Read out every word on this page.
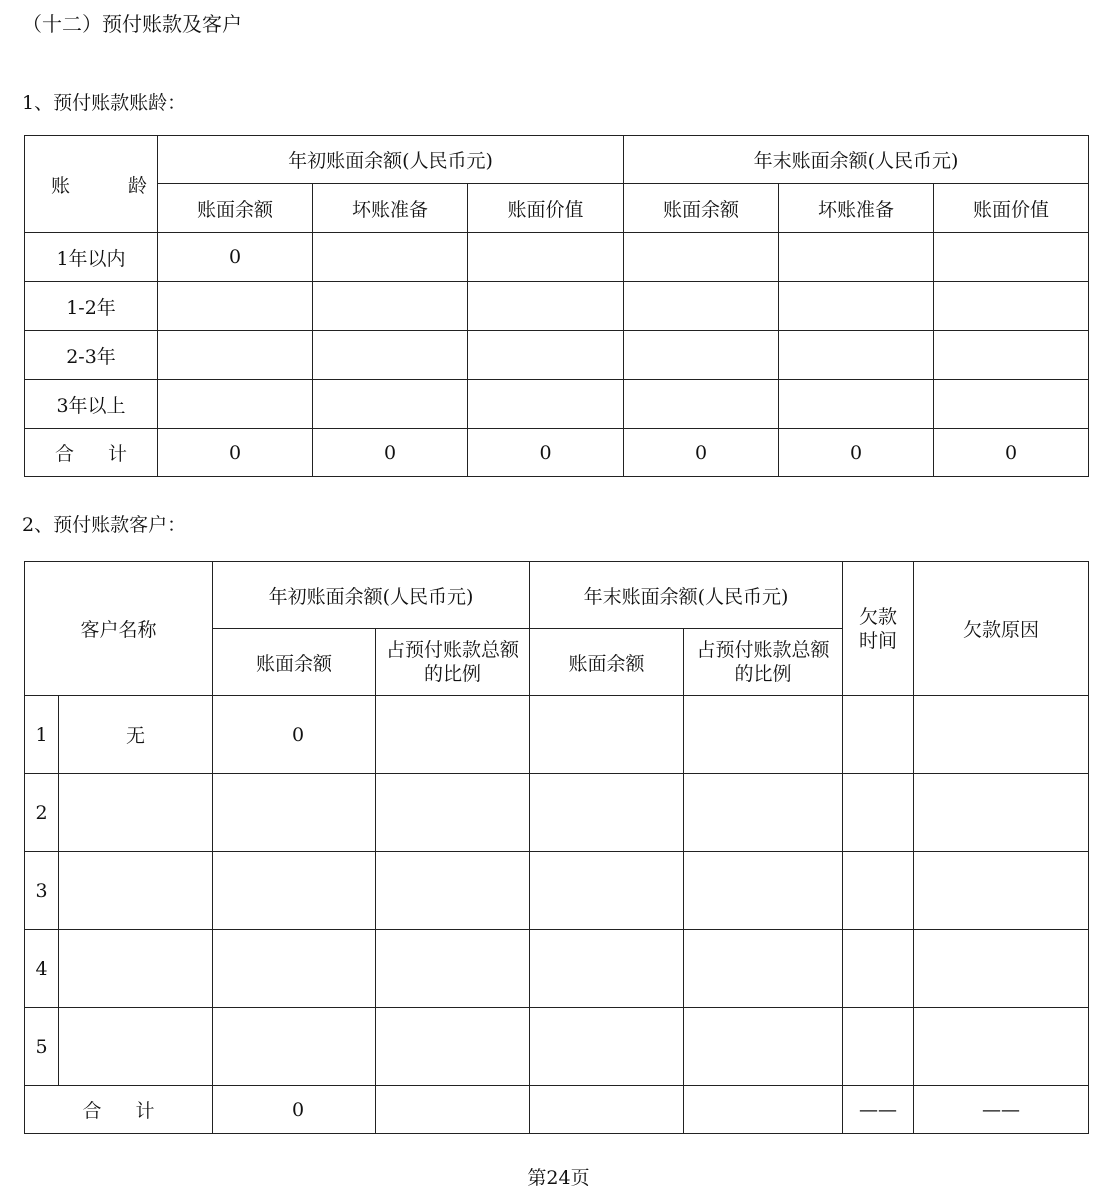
（十二）预付账款及客户
1、预付账款账龄：
账 龄	年初账面余额(人民币元)			年末账面余额(人民币元)		
	账面余额	坏账准备	账面价值	账面余额	坏账准备	账面价值
1年以内	0					
1-2年						
2-3年						
3年以上						
合 计	0	0	0	0	0	0
2、预付账款客户：
客户名称		年初账面余额(人民币元)		年末账面余额(人民币元)		欠款时间	欠款原因
		账面余额	占预付账款总额的比例	账面余额	占预付账款总额的比例		
1	无	0					
2							
3							
4							
5							
合 计		0				——	——
第24页
